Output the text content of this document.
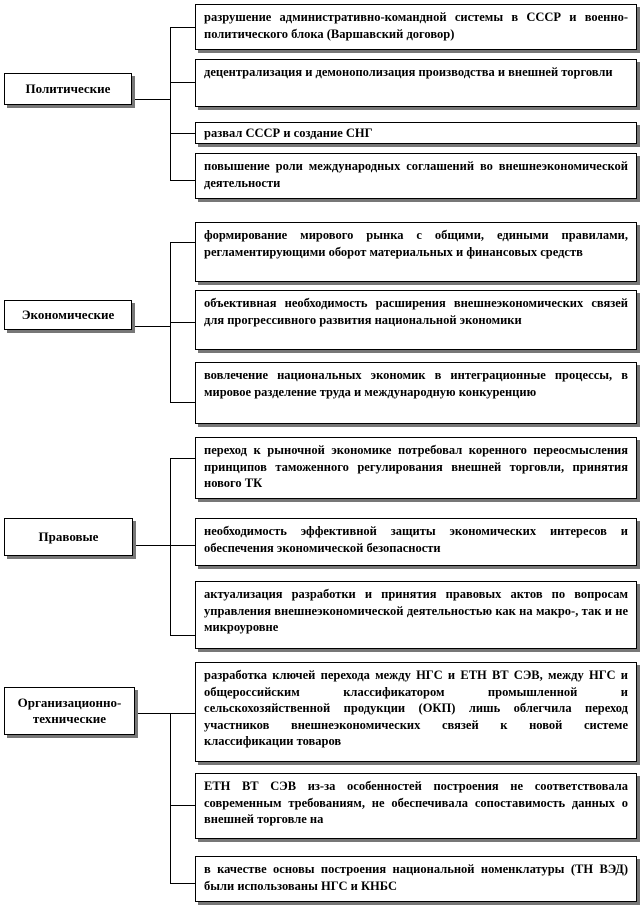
Политические
разрушение административно-командной системы в СССР и военно-политического блока (Варшавский договор)
децентрализация и демонополизация производства и внешней торговли
развал СССР и создание СНГ
повышение роли международных соглашений во внешнеэкономической деятельности
Экономические
формирование мирового рынка с общими, едиными правилами, регламентирующими оборот материальных и финансовых средств
объективная необходимость расширения внешнеэкономических связей для прогрессивного развития национальной экономики
вовлечение национальных экономик в интеграционные процессы, в мировое разделение труда и международную конкуренцию
Правовые
переход к рыночной экономике потребовал коренного переосмысления принципов таможенного регулирования внешней торговли, принятия нового ТК
необходимость эффективной защиты экономических интересов и обеспечения экономической безопасности
актуализация разработки и принятия правовых актов по вопросам управления внешнеэкономической деятельностью как на макро-, так и не микроуровне
Организационно-технические
разработка ключей перехода между НГС и ЕТН ВТ СЭВ, между НГС и общероссийским классификатором промышленной и сельскохозяйственной продукции (ОКП) лишь облегчила переход участников внешнеэкономических связей к новой системе классификации товаров
ЕТН ВТ СЭВ из-за особенностей построения не соответствовала современным требованиям, не обеспечивала сопоставимость данных о внешней торговле на
в качестве основы построения национальной номенклатуры (ТН ВЭД) были использованы НГС и КНБС
